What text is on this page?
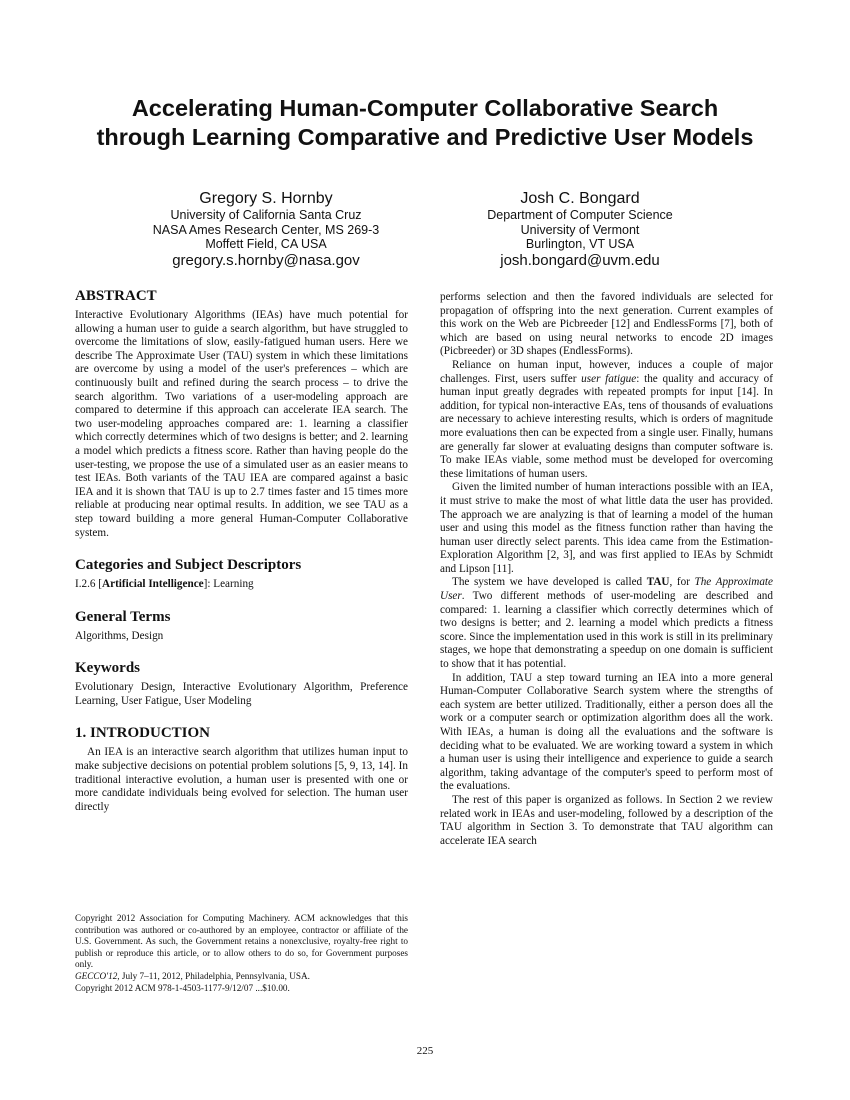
Accelerating Human-Computer Collaborative Search
through Learning Comparative and Predictive User Models
Gregory S. Hornby
University of California Santa Cruz
NASA Ames Research Center, MS 269-3
Moffett Field, CA USA
gregory.s.hornby@nasa.gov
Josh C. Bongard
Department of Computer Science
University of Vermont
Burlington, VT USA
josh.bongard@uvm.edu
ABSTRACT

Interactive Evolutionary Algorithms (IEAs) have much potential for allowing a human user to guide a search algorithm, but have struggled to overcome the limitations of slow, easily-fatigued human users. Here we describe The Approximate User (TAU) system in which these limitations are overcome by using a model of the user's preferences – which are continuously built and refined during the search process – to drive the search algorithm. Two variations of a user-modeling approach are compared to determine if this approach can accelerate IEA search. The two user-modeling approaches compared are: 1. learning a classifier which correctly determines which of two designs is better; and 2. learning a model which predicts a fitness score. Rather than having people do the user-testing, we propose the use of a simulated user as an easier means to test IEAs. Both variants of the TAU IEA are compared against a basic IEA and it is shown that TAU is up to 2.7 times faster and 15 times more reliable at producing near optimal results. In addition, we see TAU as a step toward building a more general Human-Computer Collaborative system.

Categories and Subject Descriptors

I.2.6 [Artificial Intelligence]: Learning

General Terms

Algorithms, Design

Keywords

Evolutionary Design, Interactive Evolutionary Algorithm, Preference Learning, User Fatigue, User Modeling

1. INTRODUCTION

An IEA is an interactive search algorithm that utilizes human input to make subjective decisions on potential problem solutions [5, 9, 13, 14]. In traditional interactive evolution, a human user is presented with one or more candidate individuals being evolved for selection. The human user directly

Copyright 2012 Association for Computing Machinery. ACM acknowledges that this contribution was authored or co-authored by an employee, contractor or affiliate of the U.S. Government. As such, the Government retains a nonexclusive, royalty-free right to publish or reproduce this article, or to allow others to do so, for Government purposes only.

GECCO'12, July 7–11, 2012, Philadelphia, Pennsylvania, USA.

Copyright 2012 ACM 978-1-4503-1177-9/12/07 ...$10.00.

performs selection and then the favored individuals are selected for propagation of offspring into the next generation. Current examples of this work on the Web are Picbreeder [12] and EndlessForms [7], both of which are based on using neural networks to encode 2D images (Picbreeder) or 3D shapes (EndlessForms).

Reliance on human input, however, induces a couple of major challenges. First, users suffer user fatigue: the quality and accuracy of human input greatly degrades with repeated prompts for input [14]. In addition, for typical non-interactive EAs, tens of thousands of evaluations are necessary to achieve interesting results, which is orders of magnitude more evaluations then can be expected from a single user. Finally, humans are generally far slower at evaluating designs than computer software is. To make IEAs viable, some method must be developed for overcoming these limitations of human users.

Given the limited number of human interactions possible with an IEA, it must strive to make the most of what little data the user has provided. The approach we are analyzing is that of learning a model of the human user and using this model as the fitness function rather than having the human user directly select parents. This idea came from the Estimation-Exploration Algorithm [2, 3], and was first applied to IEAs by Schmidt and Lipson [11].

The system we have developed is called TAU, for The Approximate User. Two different methods of user-modeling are described and compared: 1. learning a classifier which correctly determines which of two designs is better; and 2. learning a model which predicts a fitness score. Since the implementation used in this work is still in its preliminary stages, we hope that demonstrating a speedup on one domain is sufficient to show that it has potential.

In addition, TAU a step toward turning an IEA into a more general Human-Computer Collaborative Search system where the strengths of each system are better utilized. Traditionally, either a person does all the work or a computer search or optimization algorithm does all the work. With IEAs, a human is doing all the evaluations and the software is deciding what to be evaluated. We are working toward a system in which a human user is using their intelligence and experience to guide a search algorithm, taking advantage of the computer's speed to perform most of the evaluations.

The rest of this paper is organized as follows. In Section 2 we review related work in IEAs and user-modeling, followed by a description of the TAU algorithm in Section 3. To demonstrate that TAU algorithm can accelerate IEA search

225
